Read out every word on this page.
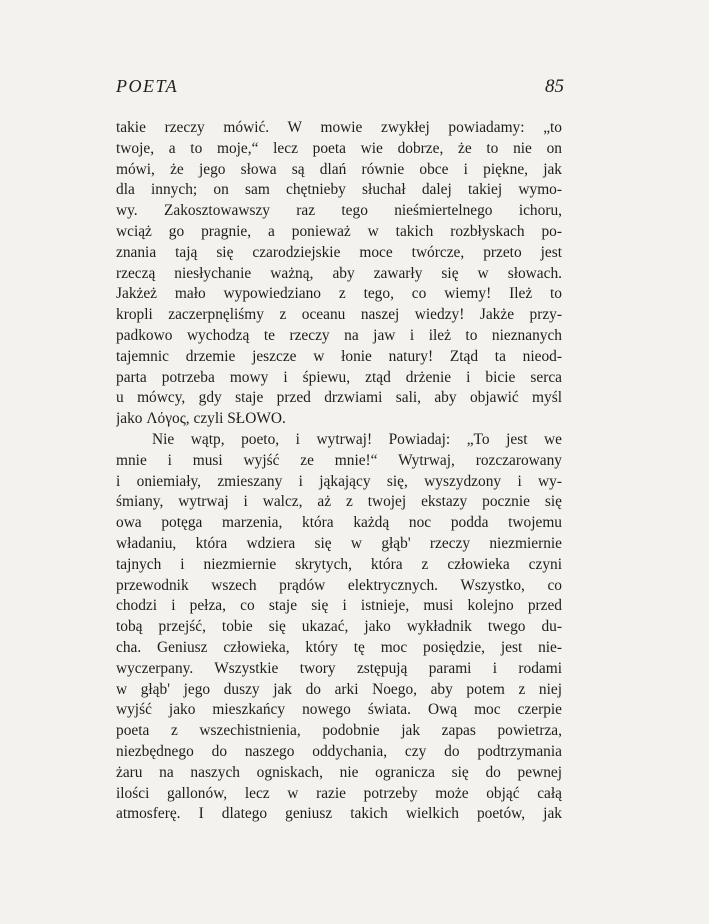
POETA	85
takie rzeczy mówić. W mowie zwykłej powiadamy: „to
twoje, a to moje,“ lecz poeta wie dobrze, że to nie on
mówi, że jego słowa są dlań równie obce i piękne, jak
dla innych; on sam chętnieby słuchał dalej takiej wymo-
wy. Zakosztowawszy raz tego nieśmiertelnego ichoru,
wciąż go pragnie, a ponieważ w takich rozbłyskach po-
znania tają się czarodziejskie moce twórcze, przeto jest
rzeczą niesłychanie ważną, aby zawarły się w słowach.
Jakżeż mało wypowiedziano z tego, co wiemy! Ileż to
kropli zaczerpnęliśmy z oceanu naszej wiedzy! Jakże przy-
padkowo wychodzą te rzeczy na jaw i ileż to nieznanych
tajemnic drzemie jeszcze w łonie natury! Ztąd ta nieod-
parta potrzeba mowy i śpiewu, ztąd drżenie i bicie serca
u mówcy, gdy staje przed drzwiami sali, aby objawić myśl
jako Λόγος, czyli SŁOWO.
Nie wątp, poeto, i wytrwaj! Powiadaj: „To jest we
mnie i musi wyjść ze mnie!“ Wytrwaj, rozczarowany
i oniemiały, zmieszany i jąkający się, wyszydzony i wy-
śmiany, wytrwaj i walcz, aż z twojej ekstazy pocznie się
owa potęga marzenia, która każdą noc podda twojemu
władaniu, która wdziera się w głąb' rzeczy niezmiernie
tajnych i niezmiernie skrytych, która z człowieka czyni
przewodnik wszech prądów elektrycznych. Wszystko, co
chodzi i pełza, co staje się i istnieje, musi kolejno przed
tobą przejść, tobie się ukazać, jako wykładnik twego du-
cha. Geniusz człowieka, który tę moc posiędzie, jest nie-
wyczerpany. Wszystkie twory zstępują parami i rodami
w głąb' jego duszy jak do arki Noego, aby potem z niej
wyjść jako mieszkańcy nowego świata. Ową moc czerpie
poeta z wszechistnienia, podobnie jak zapas powietrza,
niezbędnego do naszego oddychania, czy do podtrzymania
żaru na naszych ogniskach, nie ogranicza się do pewnej
ilości gallonów, lecz w razie potrzeby może objąć całą
atmosferę. I dlatego geniusz takich wielkich poetów, jak
